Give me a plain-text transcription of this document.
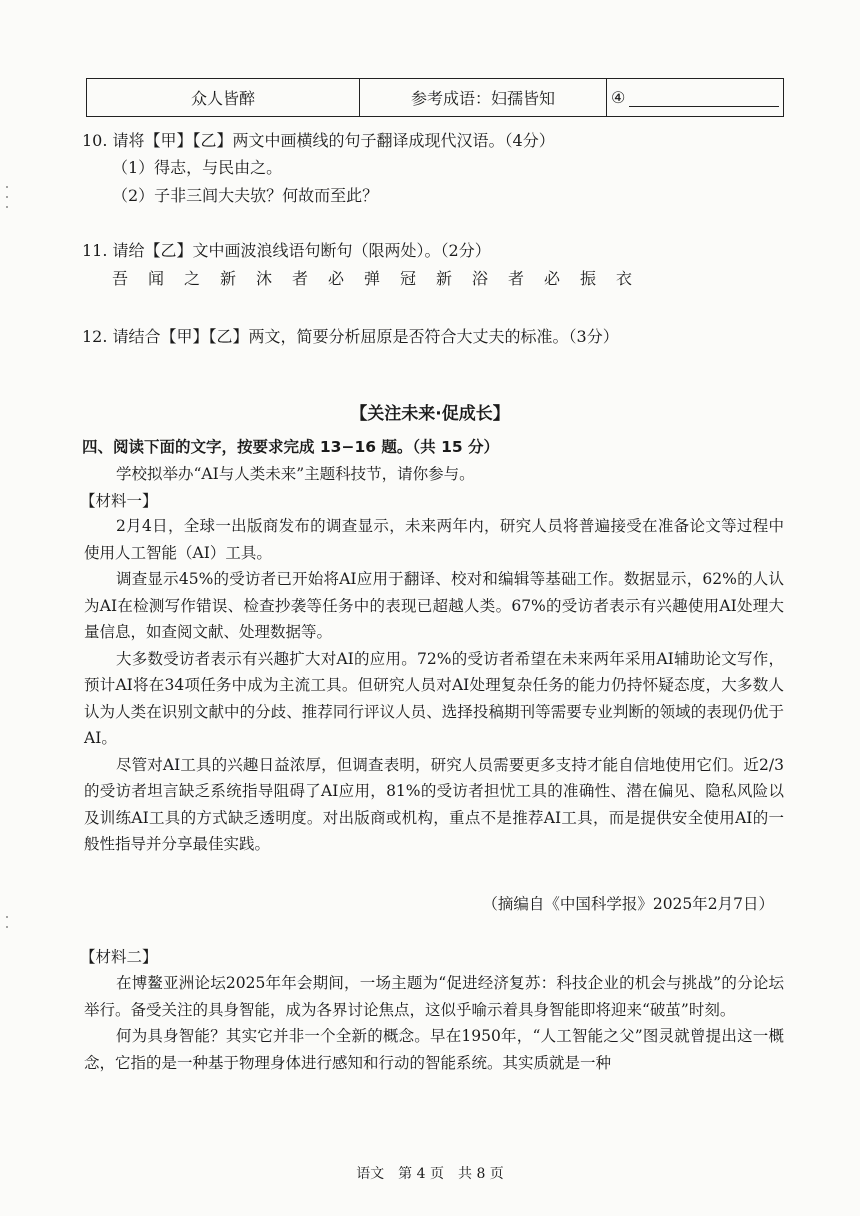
众人皆醉	参考成语：妇孺皆知	④
10. 请将【甲】【乙】两文中画横线的句子翻译成现代汉语。（4分）
（1）得志，与民由之。
（2）子非三闾大夫欤？何故而至此？
11. 请给【乙】文中画波浪线语句断句（限两处）。（2分）
吾 闻 之 新 沐 者 必 弹 冠 新 浴 者 必 振 衣
12. 请结合【甲】【乙】两文，简要分析屈原是否符合大丈夫的标准。（3分）
【关注未来·促成长】
四、阅读下面的文字，按要求完成 13−16 题。（共 15 分）
学校拟举办“AI与人类未来”主题科技节，请你参与。
【材料一】

2月4日，全球一出版商发布的调查显示，未来两年内，研究人员将普遍接受在准备论文等过程中使用人工智能（AI）工具。

调查显示45%的受访者已开始将AI应用于翻译、校对和编辑等基础工作。数据显示，62%的人认为AI在检测写作错误、检查抄袭等任务中的表现已超越人类。67%的受访者表示有兴趣使用AI处理大量信息，如查阅文献、处理数据等。

大多数受访者表示有兴趣扩大对AI的应用。72%的受访者希望在未来两年采用AI辅助论文写作，预计AI将在34项任务中成为主流工具。但研究人员对AI处理复杂任务的能力仍持怀疑态度，大多数人认为人类在识别文献中的分歧、推荐同行评议人员、选择投稿期刊等需要专业判断的领域的表现仍优于AI。

尽管对AI工具的兴趣日益浓厚，但调查表明，研究人员需要更多支持才能自信地使用它们。近2/3的受访者坦言缺乏系统指导阻碍了AI应用，81%的受访者担忧工具的准确性、潜在偏见、隐私风险以及训练AI工具的方式缺乏透明度。对出版商或机构，重点不是推荐AI工具，而是提供安全使用AI的一般性指导并分享最佳实践。

（摘编自《中国科学报》2025年2月7日）
【材料二】

在博鳌亚洲论坛2025年年会期间，一场主题为“促进经济复苏：科技企业的机会与挑战”的分论坛举行。备受关注的具身智能，成为各界讨论焦点，这似乎喻示着具身智能即将迎来“破茧”时刻。

何为具身智能？其实它并非一个全新的概念。早在1950年，“人工智能之父”图灵就曾提出这一概念，它指的是一种基于物理身体进行感知和行动的智能系统。其实质就是一种

语文　第 4 页　共 8 页
